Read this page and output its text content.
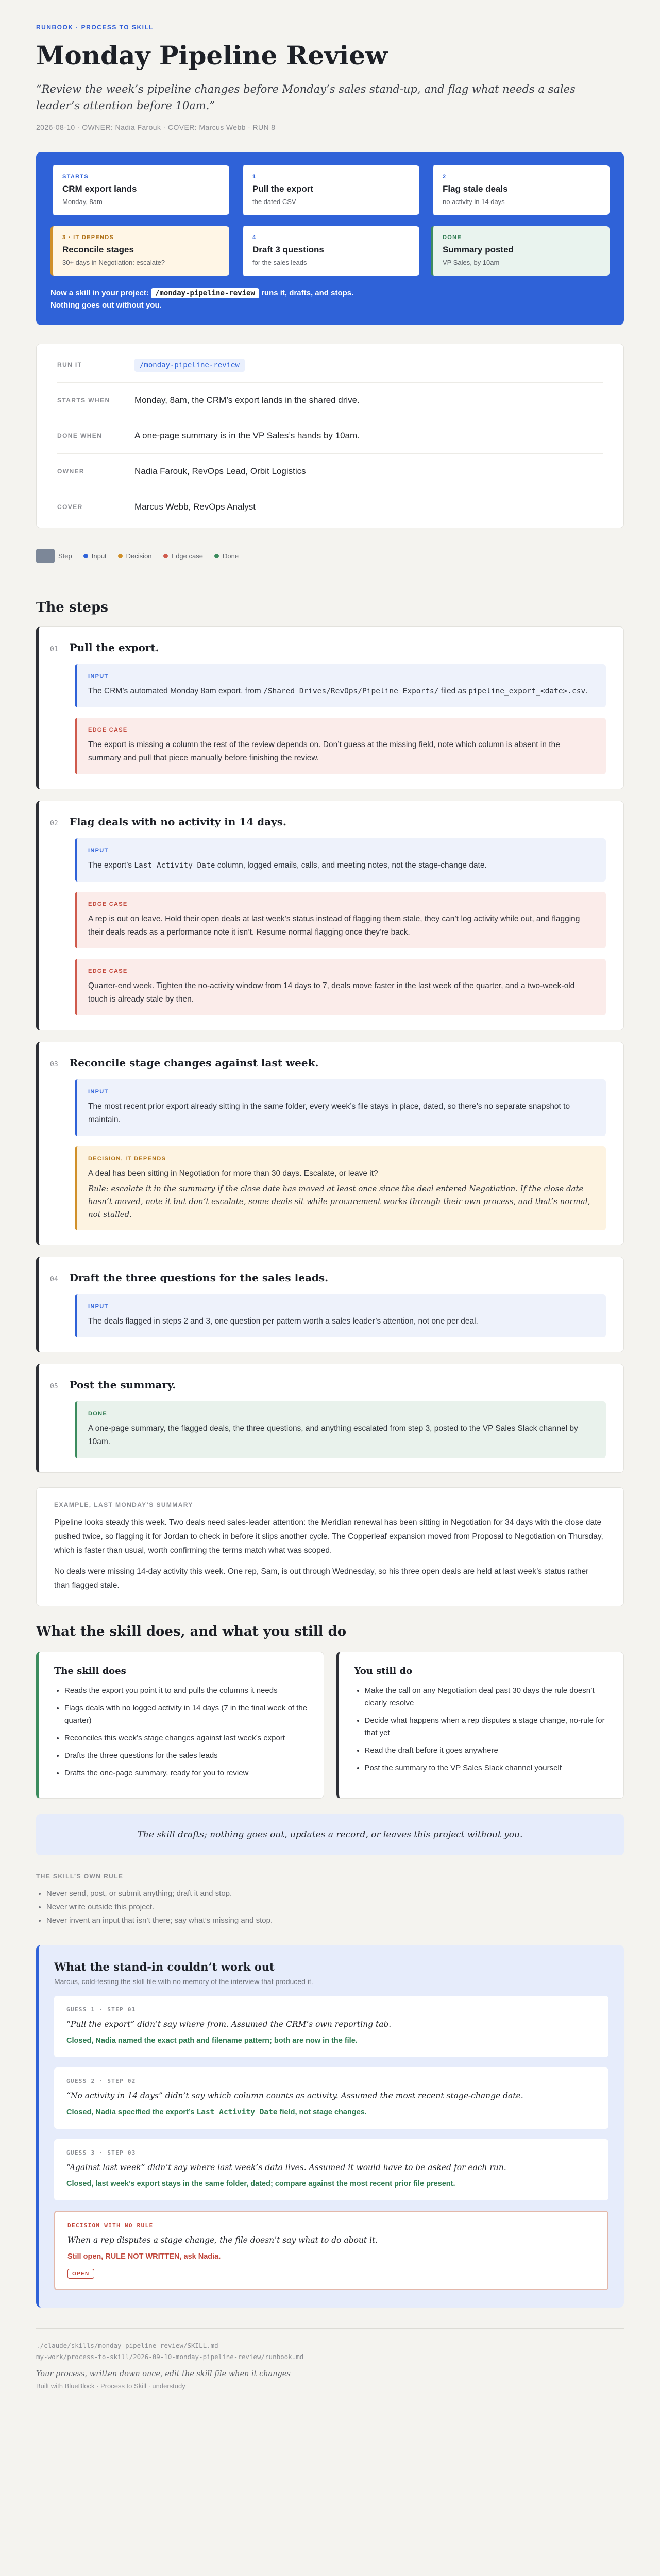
RUNBOOK · PROCESS TO SKILL
Monday Pipeline Review

“Review the week’s pipeline changes before Monday’s sales stand-up, and flag what needs a sales leader’s attention before 10am.”

2026-08-10 · OWNER: Nadia Farouk · COVER: Marcus Webb · RUN 8
STARTS
CRM export lands
Monday, 8am
1
Pull the export
the dated CSV
2
Flag stale deals
no activity in 14 days
3 · IT DEPENDS
Reconcile stages
30+ days in Negotiation: escalate?
4
Draft 3 questions
for the sales leads
DONE
Summary posted
VP Sales, by 10am
Now a skill in your project: /monday-pipeline-review runs it, drafts, and stops.
Nothing goes out without you.
RUN IT	/monday-pipeline-review
STARTS WHEN	Monday, 8am, the CRM’s export lands in the shared drive.
DONE WHEN	A one-page summary is in the VP Sales’s hands by 10am.
OWNER	Nadia Farouk, RevOps Lead, Orbit Logistics
COVER	Marcus Webb, RevOps Analyst
Step	Input	Decision	Edge case	Done
The steps
01 Pull the export.
INPUT
The CRM’s automated Monday 8am export, from /Shared Drives/RevOps/Pipeline Exports/ filed as pipeline_export_<date>.csv.
EDGE CASE
The export is missing a column the rest of the review depends on. Don’t guess at the missing field, note which column is absent in the summary and pull that piece manually before finishing the review.
02 Flag deals with no activity in 14 days.
INPUT
The export’s Last Activity Date column, logged emails, calls, and meeting notes, not the stage-change date.
EDGE CASE
A rep is out on leave. Hold their open deals at last week’s status instead of flagging them stale, they can’t log activity while out, and flagging their deals reads as a performance note it isn’t. Resume normal flagging once they’re back.
EDGE CASE
Quarter-end week. Tighten the no-activity window from 14 days to 7, deals move faster in the last week of the quarter, and a two-week-old touch is already stale by then.
03 Reconcile stage changes against last week.
INPUT
The most recent prior export already sitting in the same folder, every week’s file stays in place, dated, so there’s no separate snapshot to maintain.
DECISION, IT DEPENDS
A deal has been sitting in Negotiation for more than 30 days. Escalate, or leave it?
Rule: escalate it in the summary if the close date has moved at least once since the deal entered Negotiation. If the close date hasn’t moved, note it but don’t escalate, some deals sit while procurement works through their own process, and that’s normal, not stalled.
04 Draft the three questions for the sales leads.
INPUT
The deals flagged in steps 2 and 3, one question per pattern worth a sales leader’s attention, not one per deal.
05 Post the summary.
DONE
A one-page summary, the flagged deals, the three questions, and anything escalated from step 3, posted to the VP Sales Slack channel by 10am.
EXAMPLE, LAST MONDAY’S SUMMARY

Pipeline looks steady this week. Two deals need sales-leader attention: the Meridian renewal has been sitting in Negotiation for 34 days with the close date pushed twice, so flagging it for Jordan to check in before it slips another cycle. The Copperleaf expansion moved from Proposal to Negotiation on Thursday, which is faster than usual, worth confirming the terms match what was scoped.

No deals were missing 14-day activity this week. One rep, Sam, is out through Wednesday, so his three open deals are held at last week’s status rather than flagged stale.

What the skill does, and what you still do
The skill does
• Reads the export you point it to and pulls the columns it needs
• Flags deals with no logged activity in 14 days (7 in the final week of the quarter)
• Reconciles this week’s stage changes against last week’s export
• Drafts the three questions for the sales leads
• Drafts the one-page summary, ready for you to review
You still do
• Make the call on any Negotiation deal past 30 days the rule doesn’t clearly resolve
• Decide what happens when a rep disputes a stage change, no-rule for that yet
• Read the draft before it goes anywhere
• Post the summary to the VP Sales Slack channel yourself
The skill drafts; nothing goes out, updates a record, or leaves this project without you.
THE SKILL’S OWN RULE
• Never send, post, or submit anything; draft it and stop.
• Never write outside this project.
• Never invent an input that isn’t there; say what’s missing and stop.
What the stand-in couldn’t work out
Marcus, cold-testing the skill file with no memory of the interview that produced it.
GUESS 1 · STEP 01
“Pull the export” didn’t say where from. Assumed the CRM’s own reporting tab.
Closed, Nadia named the exact path and filename pattern; both are now in the file.
GUESS 2 · STEP 02
“No activity in 14 days” didn’t say which column counts as activity. Assumed the most recent stage-change date.
Closed, Nadia specified the export’s Last Activity Date field, not stage changes.
GUESS 3 · STEP 03
“Against last week” didn’t say where last week’s data lives. Assumed it would have to be asked for each run.
Closed, last week’s export stays in the same folder, dated; compare against the most recent prior file present.
DECISION WITH NO RULE
When a rep disputes a stage change, the file doesn’t say what to do about it.
Still open, RULE NOT WRITTEN, ask Nadia.
OPEN
./claude/skills/monday-pipeline-review/SKILL.md
my-work/process-to-skill/2026-09-10-monday-pipeline-review/runbook.md
Your process, written down once, edit the skill file when it changes
Built with BlueBlock · Process to Skill · understudy
